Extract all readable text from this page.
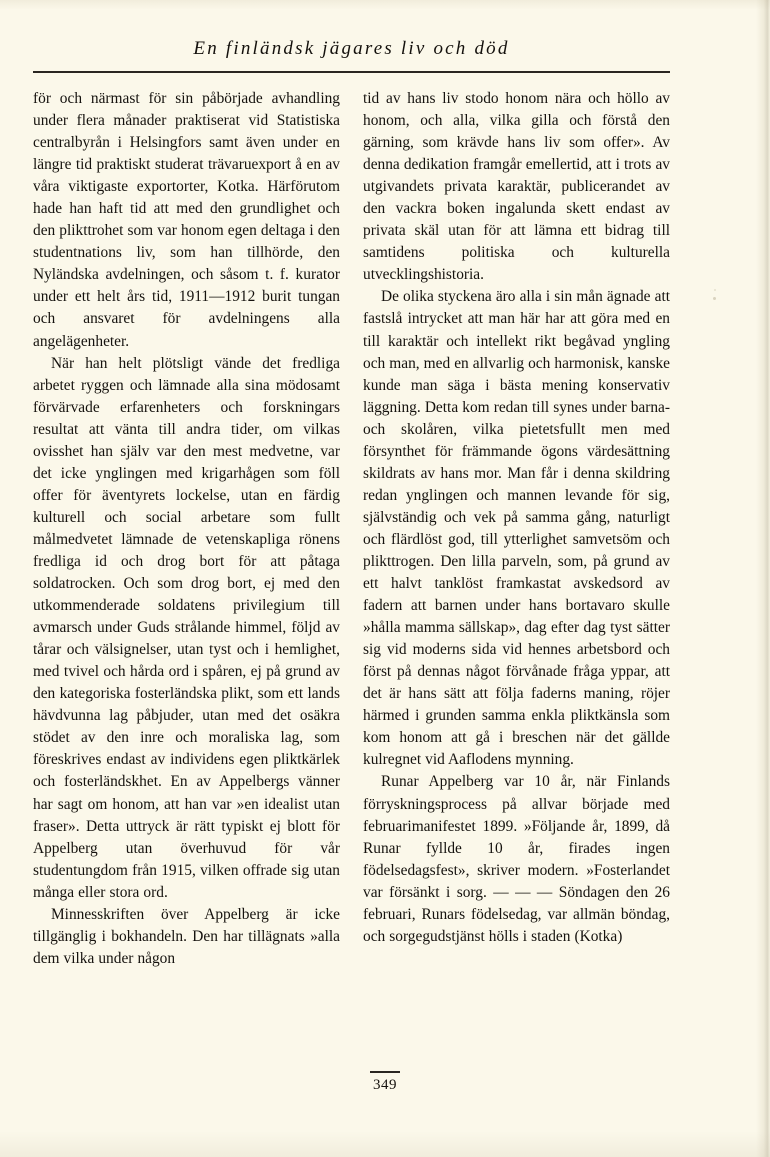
En finländsk jägares liv och död

för och närmast för sin påbörjade avhandling under flera månader praktiserat vid Statistiska centralbyrån i Helsingfors samt även under en längre tid praktiskt studerat trävaruexport å en av våra viktigaste exportorter, Kotka. Härförutom hade han haft tid att med den grundlighet och den plikttrohet som var honom egen deltaga i den studentnations liv, som han tillhörde, den Nyländska avdelningen, och såsom t. f. kurator under ett helt års tid, 1911—1912 burit tungan och ansvaret för avdelningens alla angelägenheter.

När han helt plötsligt vände det fredliga arbetet ryggen och lämnade alla sina mödosamt förvärvade erfarenheters och forskningars resultat att vänta till andra tider, om vilkas ovisshet han själv var den mest medvetne, var det icke ynglingen med krigarhågen som föll offer för äventyrets lockelse, utan en färdig kulturell och social arbetare som fullt målmedvetet lämnade de vetenskapliga rönens fredliga id och drog bort för att påtaga soldatrocken. Och som drog bort, ej med den utkommenderade soldatens privilegium till avmarsch under Guds strålande himmel, följd av tårar och välsignelser, utan tyst och i hemlighet, med tvivel och hårda ord i spåren, ej på grund av den kategoriska fosterländska plikt, som ett lands hävdvunna lag påbjuder, utan med det osäkra stödet av den inre och moraliska lag, som föreskrives endast av individens egen pliktkärlek och fosterländskhet. En av Appelbergs vänner har sagt om honom, att han var »en idealist utan fraser». Detta uttryck är rätt typiskt ej blott för Appelberg utan överhuvud för vår studentungdom från 1915, vilken offrade sig utan många eller stora ord.

Minnesskriften över Appelberg är icke tillgänglig i bokhandeln. Den har tillägnats »alla dem vilka under någon

tid av hans liv stodo honom nära och höllo av honom, och alla, vilka gilla och förstå den gärning, som krävde hans liv som offer». Av denna dedikation framgår emellertid, att i trots av utgivandets privata karaktär, publicerandet av den vackra boken ingalunda skett endast av privata skäl utan för att lämna ett bidrag till samtidens politiska och kulturella utvecklingshistoria.

De olika styckena äro alla i sin mån ägnade att fastslå intrycket att man här har att göra med en till karaktär och intellekt rikt begåvad yngling och man, med en allvarlig och harmonisk, kanske kunde man säga i bästa mening konservativ läggning. Detta kom redan till synes under barna- och skolåren, vilka pietetsfullt men med försynthet för främmande ögons värdesättning skildrats av hans mor. Man får i denna skildring redan ynglingen och mannen levande för sig, självständig och vek på samma gång, naturligt och flärdlöst god, till ytterlighet samvetsöm och plikttrogen. Den lilla parveln, som, på grund av ett halvt tanklöst framkastat avskedsord av fadern att barnen under hans bortavaro skulle »hålla mamma sällskap», dag efter dag tyst sätter sig vid moderns sida vid hennes arbetsbord och först på dennas något förvånade fråga yppar, att det är hans sätt att följa faderns maning, röjer härmed i grunden samma enkla pliktkänsla som kom honom att gå i breschen när det gällde kulregnet vid Aaflodens mynning.

Runar Appelberg var 10 år, när Finlands förryskningsprocess på allvar började med februarimanifestet 1899. »Följande år, 1899, då Runar fyllde 10 år, firades ingen födelsedagsfest», skriver modern. »Fosterlandet var försänkt i sorg. — — — Söndagen den 26 februari, Runars födelsedag, var allmän böndag, och sorgegudstjänst hölls i staden (Kotka)

349
